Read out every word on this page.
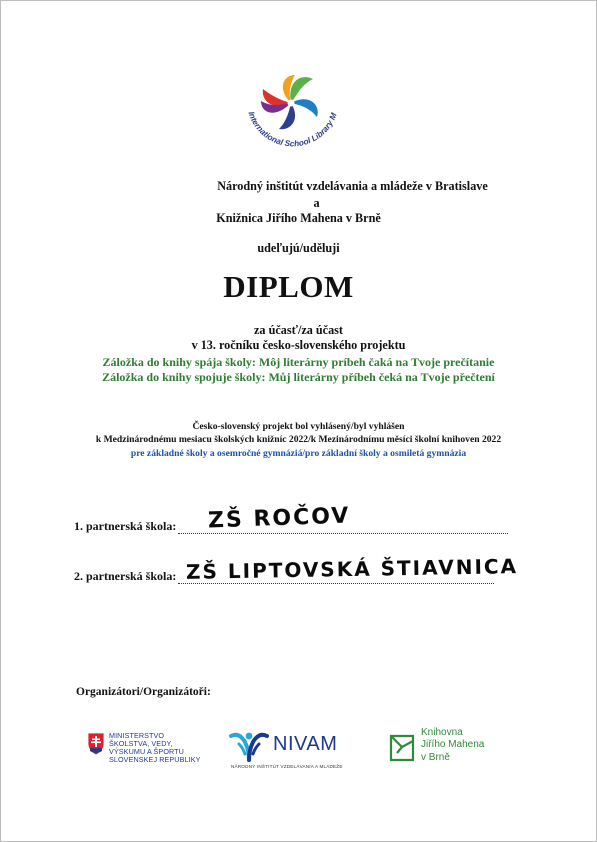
International School Library M
Národný inštitút vzdelávania a mládeže v Bratislave
a
Knižnica Jiřího Mahena v Brně
udeľujú/uděluji
DIPLOM
za účasť/za účast
v 13. ročníku česko-slovenského projektu
Záložka do knihy spája školy: Môj literárny príbeh čaká na Tvoje prečítanie
Záložka do knihy spojuje školy: Můj literárny příbeh čeká na Tvoje přečtení
Česko-slovenský projekt bol vyhlásený/byl vyhlášen
k Medzinárodnému mesiacu školských knižníc 2022/k Mezinárodnímu měsíci školní knihoven 2022
pre základné školy a osemročné gymnáziá/pro základní školy a osmiletá gymnázia
1. partnerská škola: ZŠ ROČOV
2. partnerská škola: ZŠ LIPTOVSKÁ ŠTIAVNICA
Organizátori/Organizátoři:
MINISTERSTVO
ŠKOLSTVA, VEDY,
VÝSKUMU A ŠPORTU
SLOVENSKEJ REPUBLIKY
NIVAM
NÁRODNÝ INŠTITÚT VZDELÁVANIA A MLÁDEŽE
Knihovna
Jiřího Mahena
v Brně
